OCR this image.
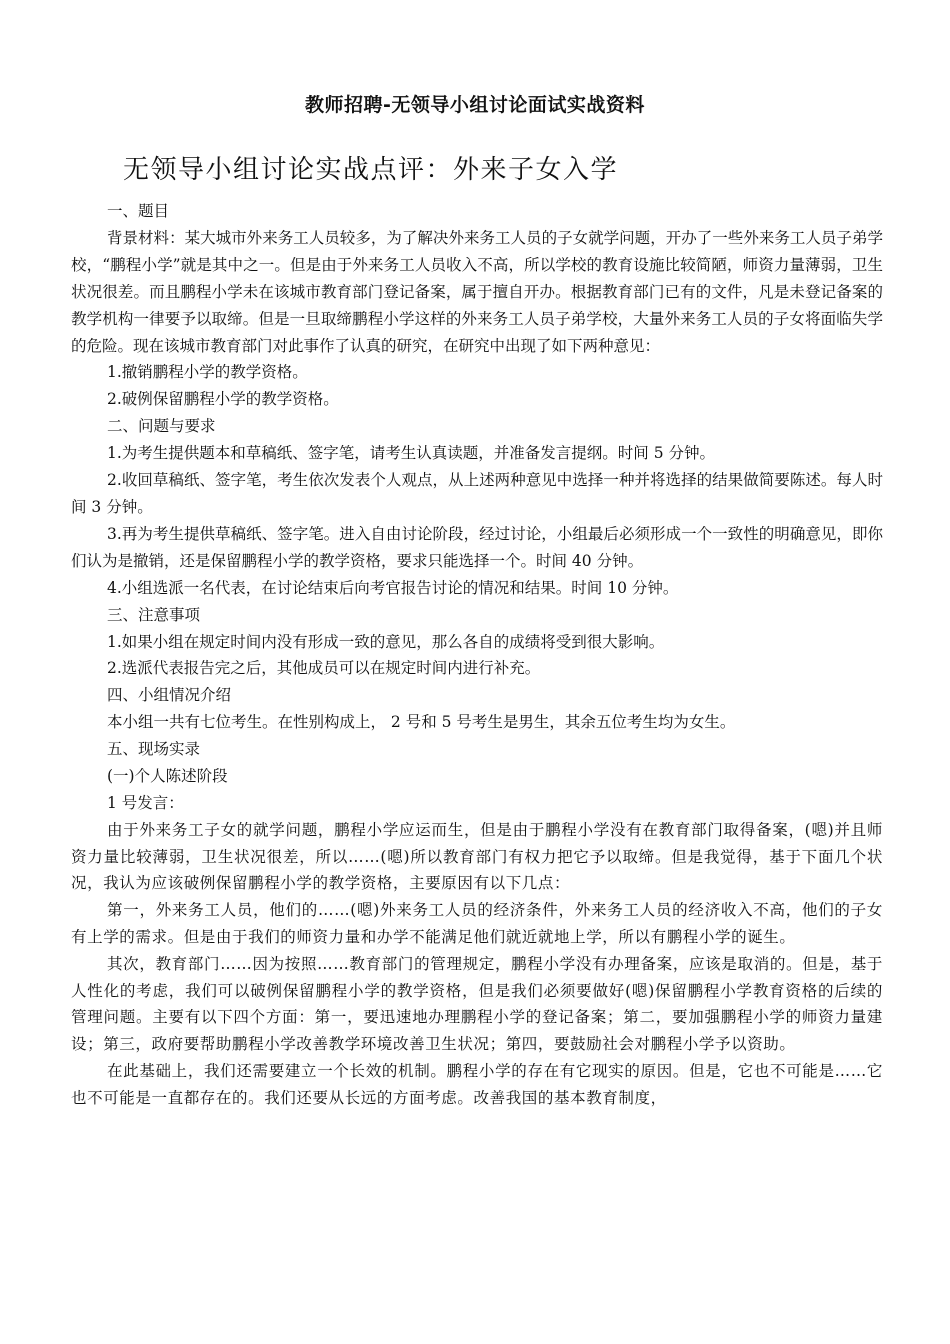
教师招聘-无领导小组讨论面试实战资料
无领导小组讨论实战点评：外来子女入学

一、题目

背景材料：某大城市外来务工人员较多，为了解决外来务工人员的子女就学问题，开办了一些外来务工人员子弟学校，“鹏程小学”就是其中之一。但是由于外来务工人员收入不高，所以学校的教育设施比较简陋，师资力量薄弱，卫生状况很差。而且鹏程小学未在该城市教育部门登记备案，属于擅自开办。根据教育部门已有的文件，凡是未登记备案的教学机构一律要予以取缔。但是一旦取缔鹏程小学这样的外来务工人员子弟学校，大量外来务工人员的子女将面临失学的危险。现在该城市教育部门对此事作了认真的研究，在研究中出现了如下两种意见：

1.撤销鹏程小学的教学资格。

2.破例保留鹏程小学的教学资格。

二、问题与要求

1.为考生提供题本和草稿纸、签字笔，请考生认真读题，并准备发言提纲。时间 5 分钟。

2.收回草稿纸、签字笔，考生依次发表个人观点，从上述两种意见中选择一种并将选择的结果做简要陈述。每人时间 3 分钟。

3.再为考生提供草稿纸、签字笔。进入自由讨论阶段，经过讨论，小组最后必须形成一个一致性的明确意见，即你们认为是撤销，还是保留鹏程小学的教学资格，要求只能选择一个。时间 40 分钟。

4.小组选派一名代表，在讨论结束后向考官报告讨论的情况和结果。时间 10 分钟。

三、注意事项

1.如果小组在规定时间内没有形成一致的意见，那么各自的成绩将受到很大影响。

2.选派代表报告完之后，其他成员可以在规定时间内进行补充。

四、小组情况介绍

本小组一共有七位考生。在性别构成上， 2 号和 5 号考生是男生，其余五位考生均为女生。

五、现场实录

(一)个人陈述阶段

1 号发言：

由于外来务工子女的就学问题，鹏程小学应运而生，但是由于鹏程小学没有在教育部门取得备案，(嗯)并且师资力量比较薄弱，卫生状况很差，所以……(嗯)所以教育部门有权力把它予以取缔。但是我觉得，基于下面几个状况，我认为应该破例保留鹏程小学的教学资格，主要原因有以下几点：

第一，外来务工人员，他们的……(嗯)外来务工人员的经济条件，外来务工人员的经济收入不高，他们的子女有上学的需求。但是由于我们的师资力量和办学不能满足他们就近就地上学，所以有鹏程小学的诞生。

其次，教育部门……因为按照……教育部门的管理规定，鹏程小学没有办理备案，应该是取消的。但是，基于人性化的考虑，我们可以破例保留鹏程小学的教学资格，但是我们必须要做好(嗯)保留鹏程小学教育资格的后续的管理问题。主要有以下四个方面：第一，要迅速地办理鹏程小学的登记备案；第二，要加强鹏程小学的师资力量建设；第三，政府要帮助鹏程小学改善教学环境改善卫生状况；第四，要鼓励社会对鹏程小学予以资助。

在此基础上，我们还需要建立一个长效的机制。鹏程小学的存在有它现实的原因。但是，它也不可能是……它也不可能是一直都存在的。我们还要从长远的方面考虑。改善我国的基本教育制度，
